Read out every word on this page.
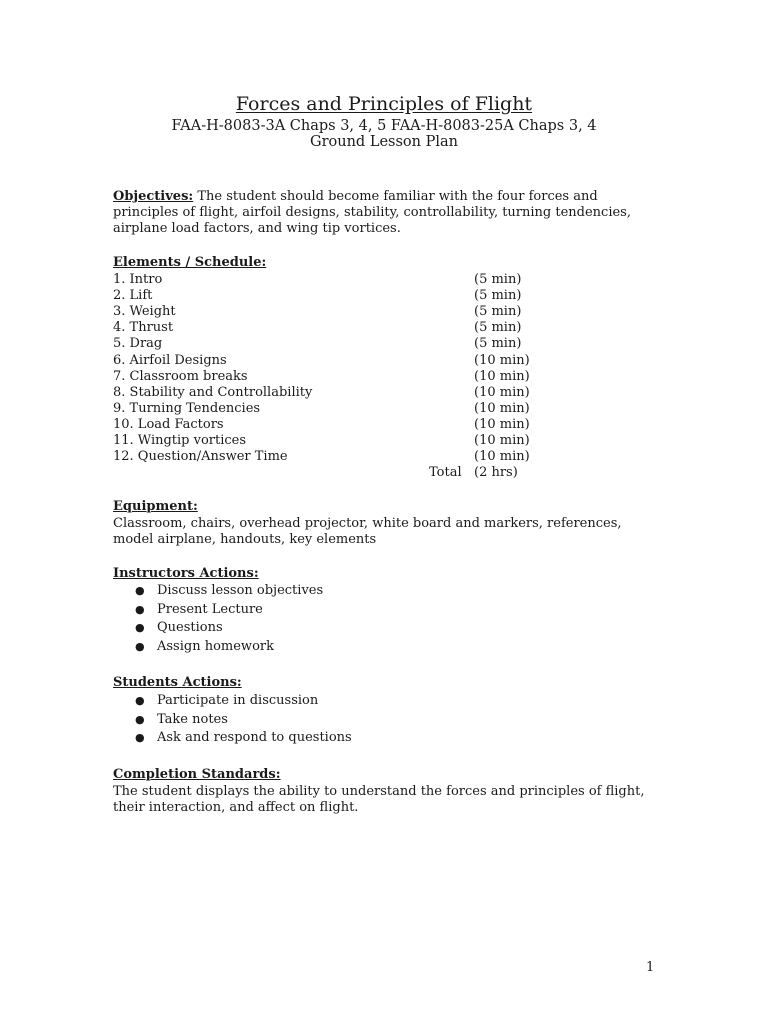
Forces and Principles of Flight
FAA-H-8083-3A Chaps 3, 4, 5 FAA-H-8083-25A Chaps 3, 4
Ground Lesson Plan
Objectives: The student should become familiar with the four forces and principles of flight, airfoil designs, stability, controllability, turning tendencies, airplane load factors, and wing tip vortices.
Elements / Schedule:
1. Intro	(5 min)
2. Lift	(5 min)
3. Weight	(5 min)
4. Thrust	(5 min)
5. Drag	(5 min)
6. Airfoil Designs	(10 min)
7. Classroom breaks	(10 min)
8. Stability and Controllability	(10 min)
9. Turning Tendencies	(10 min)
10. Load Factors	(10 min)
11. Wingtip vortices	(10 min)
12. Question/Answer Time	(10 min)
Total (2 hrs)
Equipment:
Classroom, chairs, overhead projector, white board and markers, references, model airplane, handouts, key elements
Instructors Actions:
● Discuss lesson objectives
● Present Lecture
● Questions
● Assign homework
Students Actions:
● Participate in discussion
● Take notes
● Ask and respond to questions
Completion Standards:
The student displays the ability to understand the forces and principles of flight, their interaction, and affect on flight.
1
